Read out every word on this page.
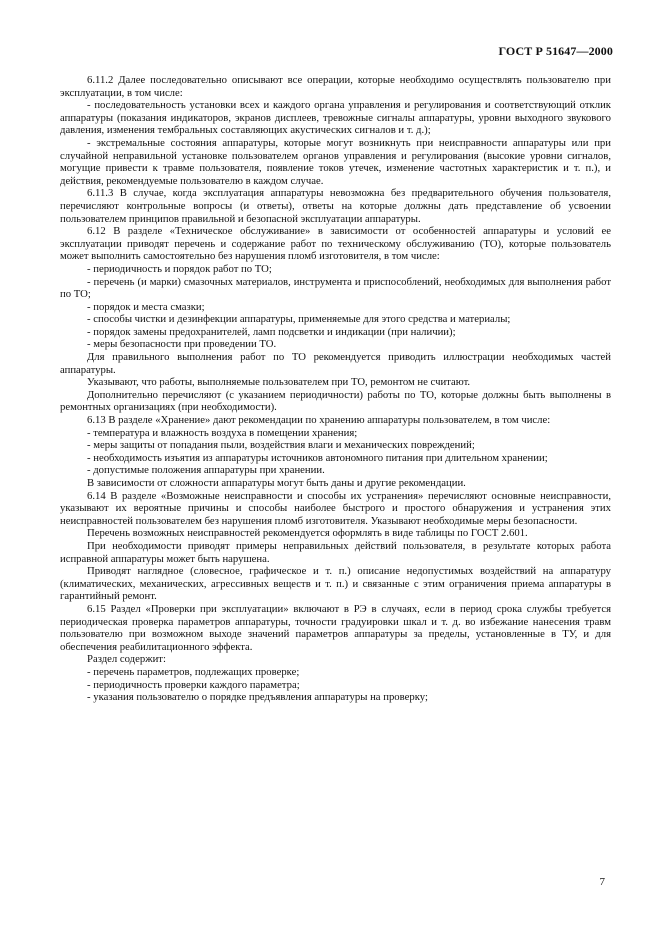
ГОСТ Р 51647—2000

6.11.2 Далее последовательно описывают все операции, которые необходимо осуществлять пользователю при эксплуатации, в том числе:

- последовательность установки всех и каждого органа управления и регулирования и соответствующий отклик аппаратуры (показания индикаторов, экранов дисплеев, тревожные сигналы аппаратуры, уровни выходного звукового давления, изменения тембральных составляющих акустических сигналов и т. д.);

- экстремальные состояния аппаратуры, которые могут возникнуть при неисправности аппаратуры или при случайной неправильной установке пользователем органов управления и регулирования (высокие уровни сигналов, могущие привести к травме пользователя, появление токов утечек, изменение частотных характеристик и т. п.), и действия, рекомендуемые пользователю в каждом случае.

6.11.3 В случае, когда эксплуатация аппаратуры невозможна без предварительного обучения пользователя, перечисляют контрольные вопросы (и ответы), ответы на которые должны дать представление об усвоении пользователем принципов правильной и безопасной эксплуатации аппаратуры.

6.12 В разделе «Техническое обслуживание» в зависимости от особенностей аппаратуры и условий ее эксплуатации приводят перечень и содержание работ по техническому обслуживанию (ТО), которые пользователь может выполнить самостоятельно без нарушения пломб изготовителя, в том числе:

- периодичность и порядок работ по ТО;

- перечень (и марки) смазочных материалов, инструмента и приспособлений, необходимых для выполнения работ по ТО;

- порядок и места смазки;

- способы чистки и дезинфекции аппаратуры, применяемые для этого средства и материалы;

- порядок замены предохранителей, ламп подсветки и индикации (при наличии);

- меры безопасности при проведении ТО.

Для правильного выполнения работ по ТО рекомендуется приводить иллюстрации необходимых частей аппаратуры.

Указывают, что работы, выполняемые пользователем при ТО, ремонтом не считают.

Дополнительно перечисляют (с указанием периодичности) работы по ТО, которые должны быть выполнены в ремонтных организациях (при необходимости).

6.13 В разделе «Хранение» дают рекомендации по хранению аппаратуры пользователем, в том числе:

- температура и влажность воздуха в помещении хранения;

- меры защиты от попадания пыли, воздействия влаги и механических повреждений;

- необходимость изъятия из аппаратуры источников автономного питания при длительном хранении;

- допустимые положения аппаратуры при хранении.

В зависимости от сложности аппаратуры могут быть даны и другие рекомендации.

6.14 В разделе «Возможные неисправности и способы их устранения» перечисляют основные неисправности, указывают их вероятные причины и способы наиболее быстрого и простого обнаружения и устранения этих неисправностей пользователем без нарушения пломб изготовителя. Указывают необходимые меры безопасности.

Перечень возможных неисправностей рекомендуется оформлять в виде таблицы по ГОСТ 2.601.

При необходимости приводят примеры неправильных действий пользователя, в результате которых работа исправной аппаратуры может быть нарушена.

Приводят наглядное (словесное, графическое и т. п.) описание недопустимых воздействий на аппаратуру (климатических, механических, агрессивных веществ и т. п.) и связанные с этим ограничения приема аппаратуры в гарантийный ремонт.

6.15 Раздел «Проверки при эксплуатации» включают в РЭ в случаях, если в период срока службы требуется периодическая проверка параметров аппаратуры, точности градуировки шкал и т. д. во избежание нанесения травм пользователю при возможном выходе значений параметров аппаратуры за пределы, установленные в ТУ, и для обеспечения реабилитационного эффекта.

Раздел содержит:

- перечень параметров, подлежащих проверке;

- периодичность проверки каждого параметра;

- указания пользователю о порядке предъявления аппаратуры на проверку;

7
